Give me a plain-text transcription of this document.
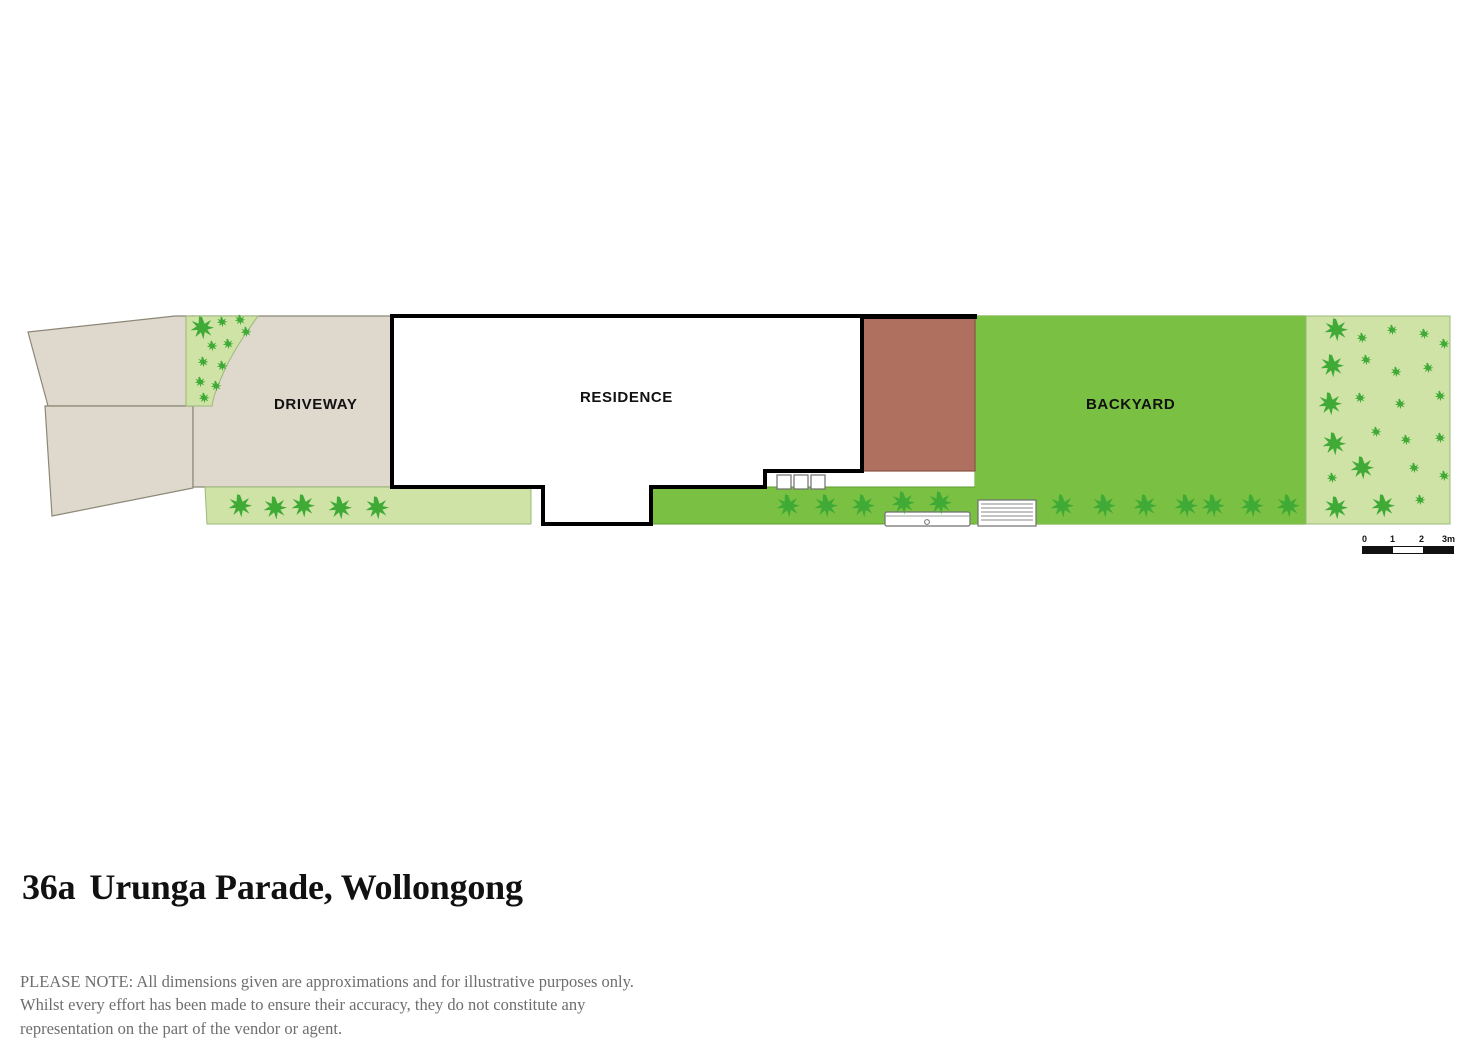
DRIVEWAY	RESIDENCE	BACKYARD
0	1	2 3m
36a Urunga Parade, Wollongong
PLEASE NOTE: All dimensions given are approximations and for illustrative purposes only.
Whilst every effort has been made to ensure their accuracy, they do not constitute any
representation on the part of the vendor or agent.
